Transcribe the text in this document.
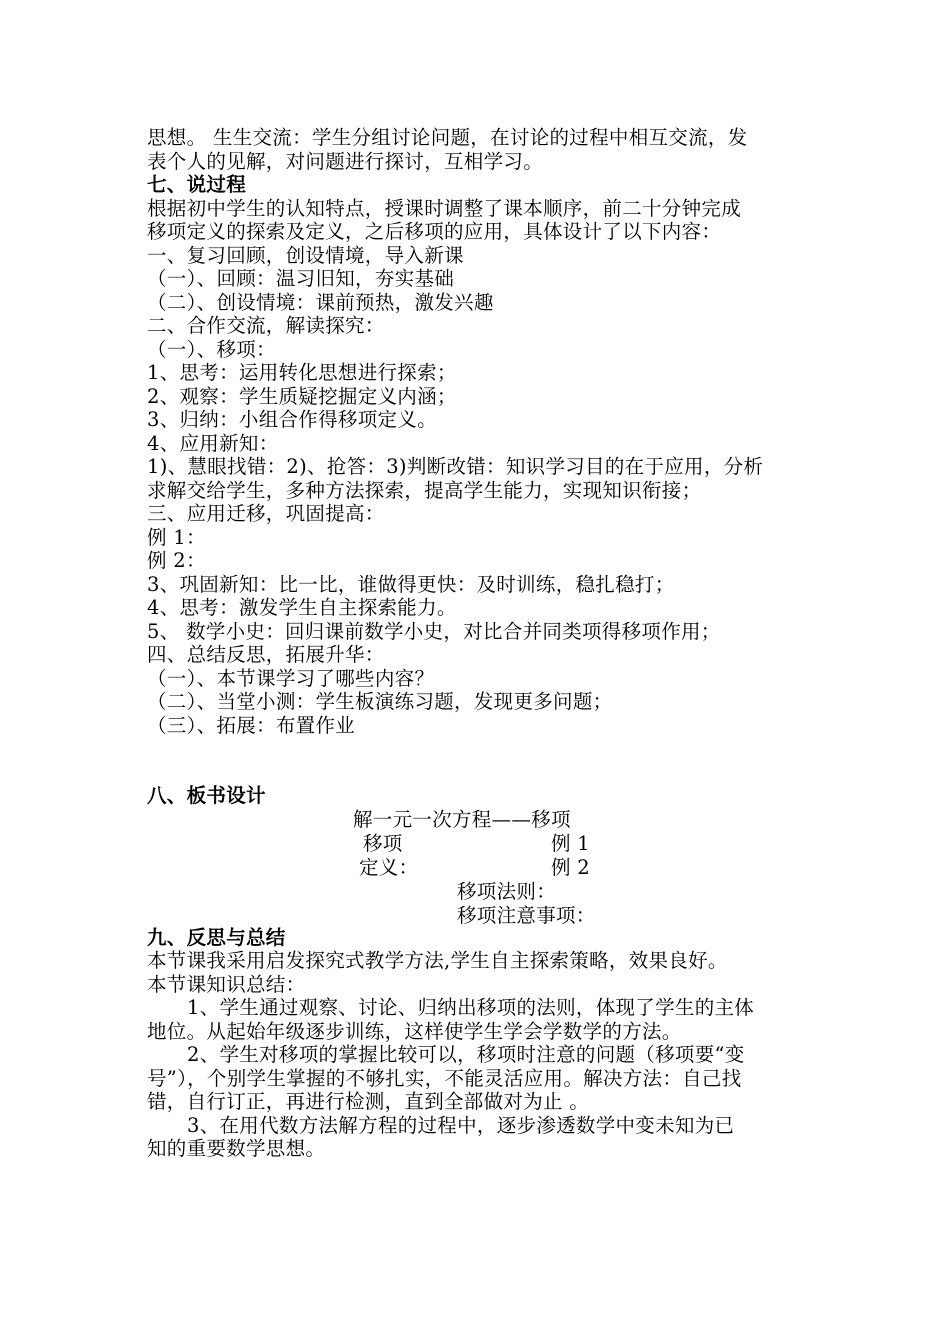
思想。 生生交流：学生分组讨论问题，在讨论的过程中相互交流，发
表个人的见解，对问题进行探讨，互相学习。
七、说过程
根据初中学生的认知特点，授课时调整了课本顺序，前二十分钟完成
移项定义的探索及定义，之后移项的应用，具体设计了以下内容：
一、复习回顾，创设情境，导入新课
（一）、回顾：温习旧知，夯实基础
（二）、创设情境：课前预热，激发兴趣
二、合作交流，解读探究：
（一）、移项：
1、思考：运用转化思想进行探索；
2、观察：学生质疑挖掘定义内涵；
3、归纳：小组合作得移项定义。
4、应用新知：
1)、慧眼找错：2)、抢答：3)判断改错：知识学习目的在于应用，分析
求解交给学生，多种方法探索，提高学生能力，实现知识衔接；
三、应用迁移，巩固提高：
例 1：
例 2：
3、巩固新知：比一比，谁做得更快：及时训练，稳扎稳打；
4、思考：激发学生自主探索能力。
5、 数学小史：回归课前数学小史，对比合并同类项得移项作用；
四、总结反思，拓展升华：
（一）、本节课学习了哪些内容？
（二）、当堂小测：学生板演练习题，发现更多问题；
（三）、拓展：布置作业
八、板书设计
解一元一次方程——移项
移项	例 1
定义：	例 2
移项法则：
移项注意事项：
九、反思与总结
本节课我采用启发探究式教学方法,学生自主探索策略，效果良好。
本节课知识总结：
1、学生通过观察、讨论、归纳出移项的法则，体现了学生的主体
地位。从起始年级逐步训练，这样使学生学会学数学的方法。
2、学生对移项的掌握比较可以，移项时注意的问题（移项要“变
号”），个别学生掌握的不够扎实，不能灵活应用。解决方法：自己找
错，自行订正，再进行检测，直到全部做对为止 。
3、在用代数方法解方程的过程中，逐步渗透数学中变未知为已
知的重要数学思想。
